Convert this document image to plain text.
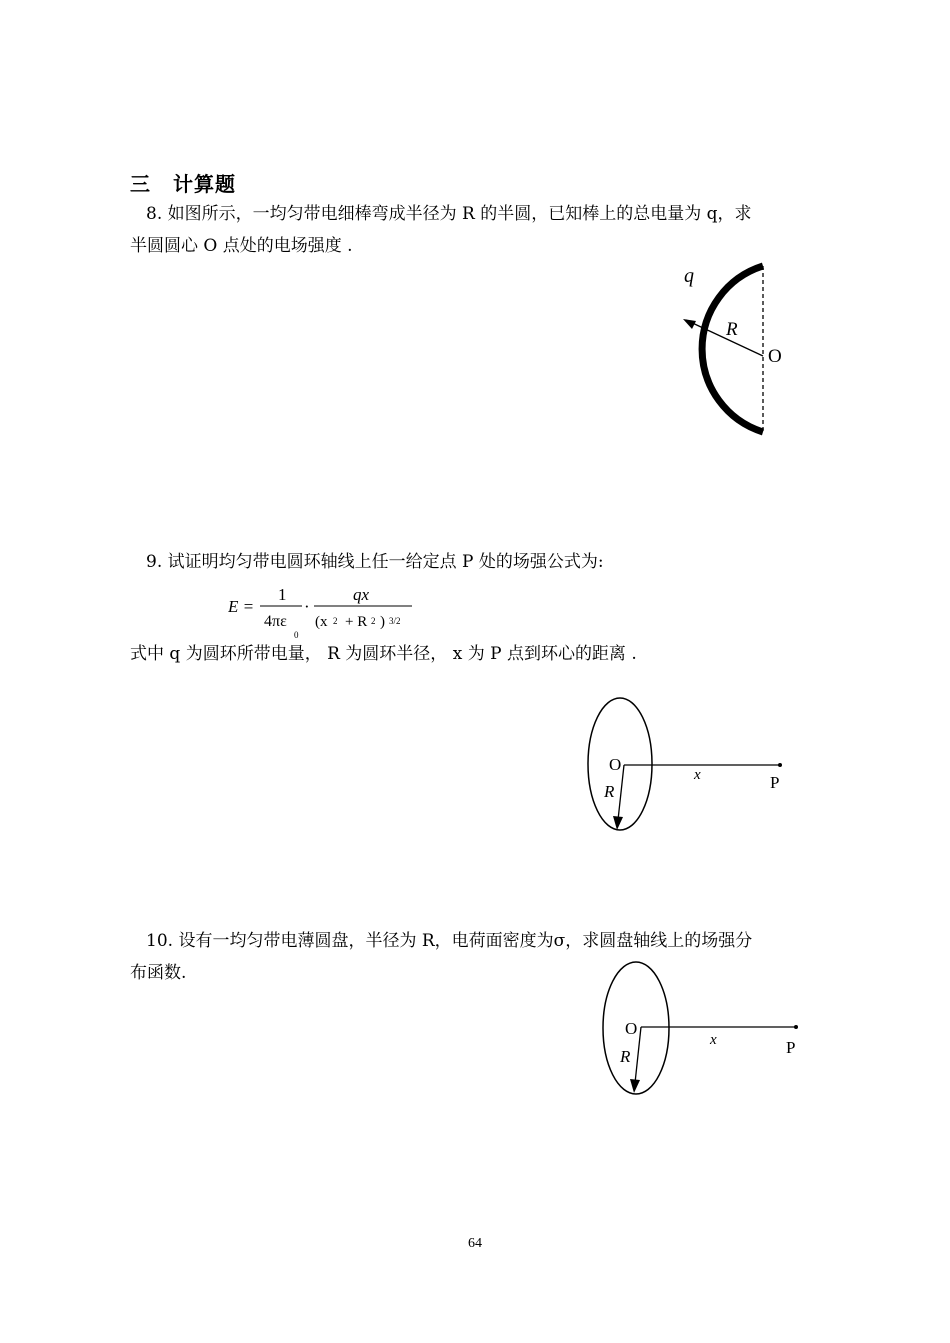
三 计算题
8. 如图所示，一均匀带电细棒弯成半径为 R 的半圆，已知棒上的总电量为 q，求
半圆圆心 O 点处的电场强度 .
q
R
O
9. 试证明均匀带电圆环轴线上任一给定点 P 处的场强公式为:
E =
1
4πε
0
·
qx
(x 2 + R 2 ) 3/2
式中 q 为圆环所带电量， R 为圆环半径， x 为 P 点到环心的距离 .
O
R
x	P
10. 设有一均匀带电薄圆盘，半径为 R，电荷面密度为σ，求圆盘轴线上的场强分
布函数.
O
R
x	P
64
